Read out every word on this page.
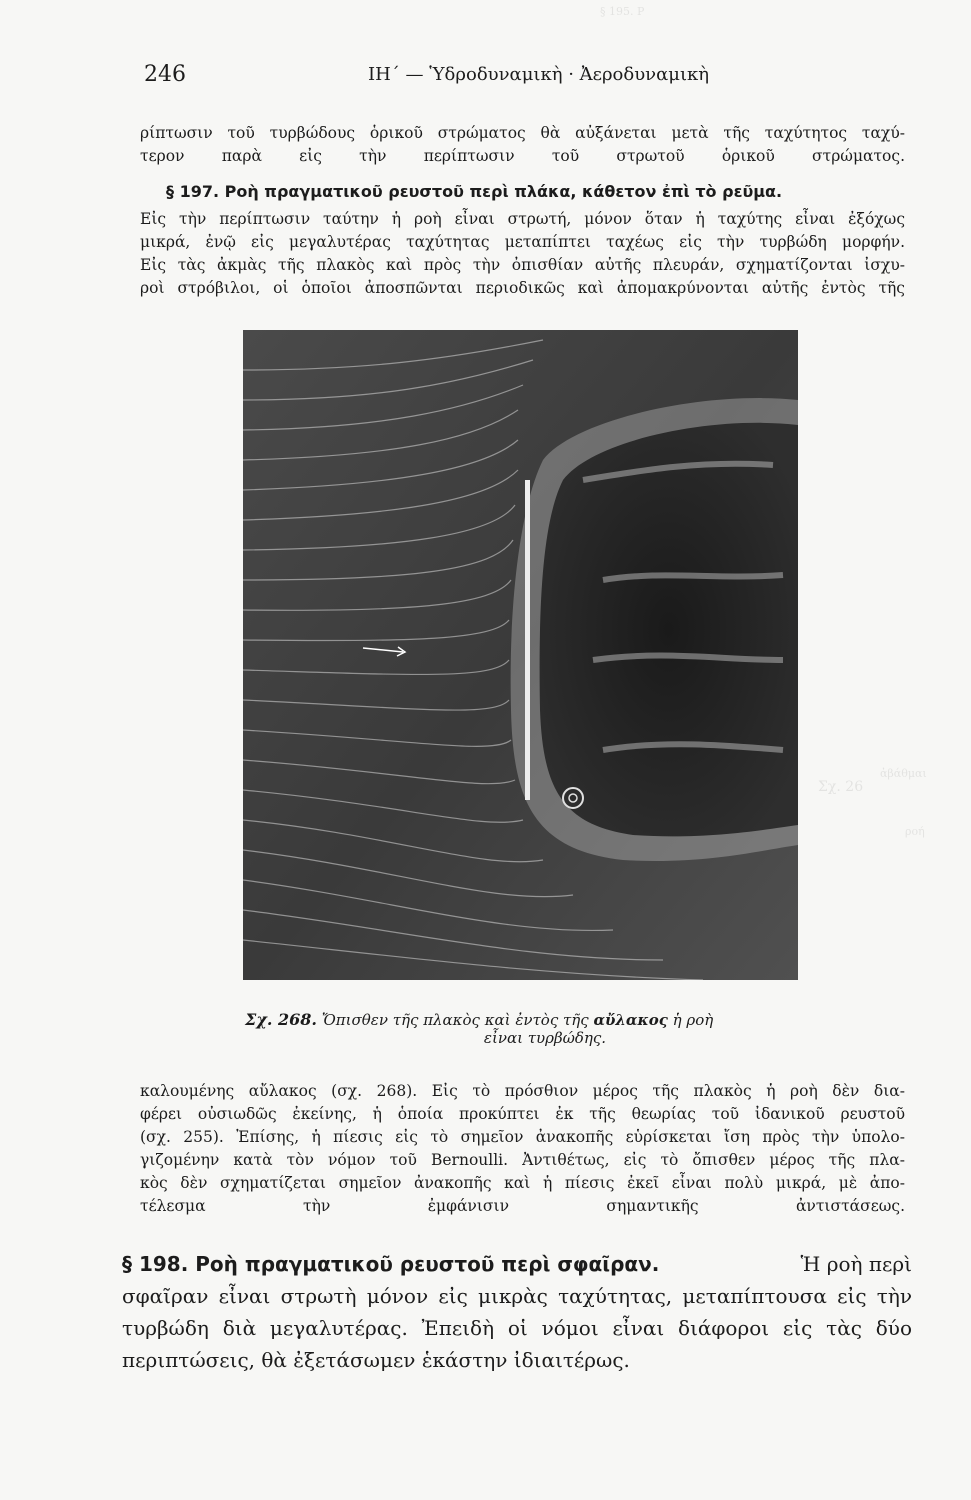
§ 195. Ρ
Σχ. 26
ροή
ἀβάθμαι
246	ΙΗ΄ — Ὑδροδυναμικὴ · Ἀεροδυναμικὴ
ρίπτωσιν τοῦ τυρβώδους ὁρικοῦ στρώματος θὰ αὐξάνεται μετὰ τῆς ταχύτητος ταχύ-
τερον παρὰ εἰς τὴν περίπτωσιν τοῦ στρωτοῦ ὁρικοῦ στρώματος.
§ 197. Ροὴ πραγματικοῦ ρευστοῦ περὶ πλάκα, κάθετον ἐπὶ τὸ ρεῦμα.
Εἰς τὴν περίπτωσιν ταύτην ἡ ροὴ εἶναι στρωτή, μόνον ὅταν ἡ ταχύτης εἶναι ἐξόχως
μικρά, ἐνῷ εἰς μεγαλυτέρας ταχύτητας μεταπίπτει ταχέως εἰς τὴν τυρβώδη μορφήν.
Εἰς τὰς ἀκμὰς τῆς πλακὸς καὶ πρὸς τὴν ὀπισθίαν αὐτῆς πλευράν, σχηματίζονται ἰσχυ-
ροὶ στρόβιλοι, οἱ ὁποῖοι ἀποσπῶνται περιοδικῶς καὶ ἀπομακρύνονται αὐτῆς ἐντὸς τῆς
Σχ. 268. Ὄπισθεν τῆς πλακὸς καὶ ἐντὸς τῆς αὔλακος ἡ ροὴ
εἶναι τυρβώδης.
καλουμένης αὔλακος (σχ. 268). Εἰς τὸ πρόσθιον μέρος τῆς πλακὸς ἡ ροὴ δὲν δια-
φέρει οὐσιωδῶς ἐκείνης, ἡ ὁποία προκύπτει ἐκ τῆς θεωρίας τοῦ ἰδανικοῦ ρευστοῦ
(σχ. 255). Ἐπίσης, ἡ πίεσις εἰς τὸ σημεῖον ἀνακοπῆς εὑρίσκεται ἴση πρὸς τὴν ὑπολο-
γιζομένην κατὰ τὸν νόμον τοῦ Bernoulli. Ἀντιθέτως, εἰς τὸ ὄπισθεν μέρος τῆς πλα-
κὸς δὲν σχηματίζεται σημεῖον ἀνακοπῆς καὶ ἡ πίεσις ἐκεῖ εἶναι πολὺ μικρά, μὲ ἀπο-
τέλεσμα τὴν ἐμφάνισιν σημαντικῆς ἀντιστάσεως.
§ 198. Ροὴ πραγματικοῦ ρευστοῦ περὶ σφαῖραν.	Ἡ ροὴ περὶ
σφαῖραν εἶναι στρωτὴ μόνον εἰς μικρὰς ταχύτητας, μεταπίπτουσα εἰς τὴν
τυρβώδη διὰ μεγαλυτέρας. Ἐπειδὴ οἱ νόμοι εἶναι διάφοροι εἰς τὰς δύο
περιπτώσεις, θὰ ἐξετάσωμεν ἑκάστην ἰδιαιτέρως.
